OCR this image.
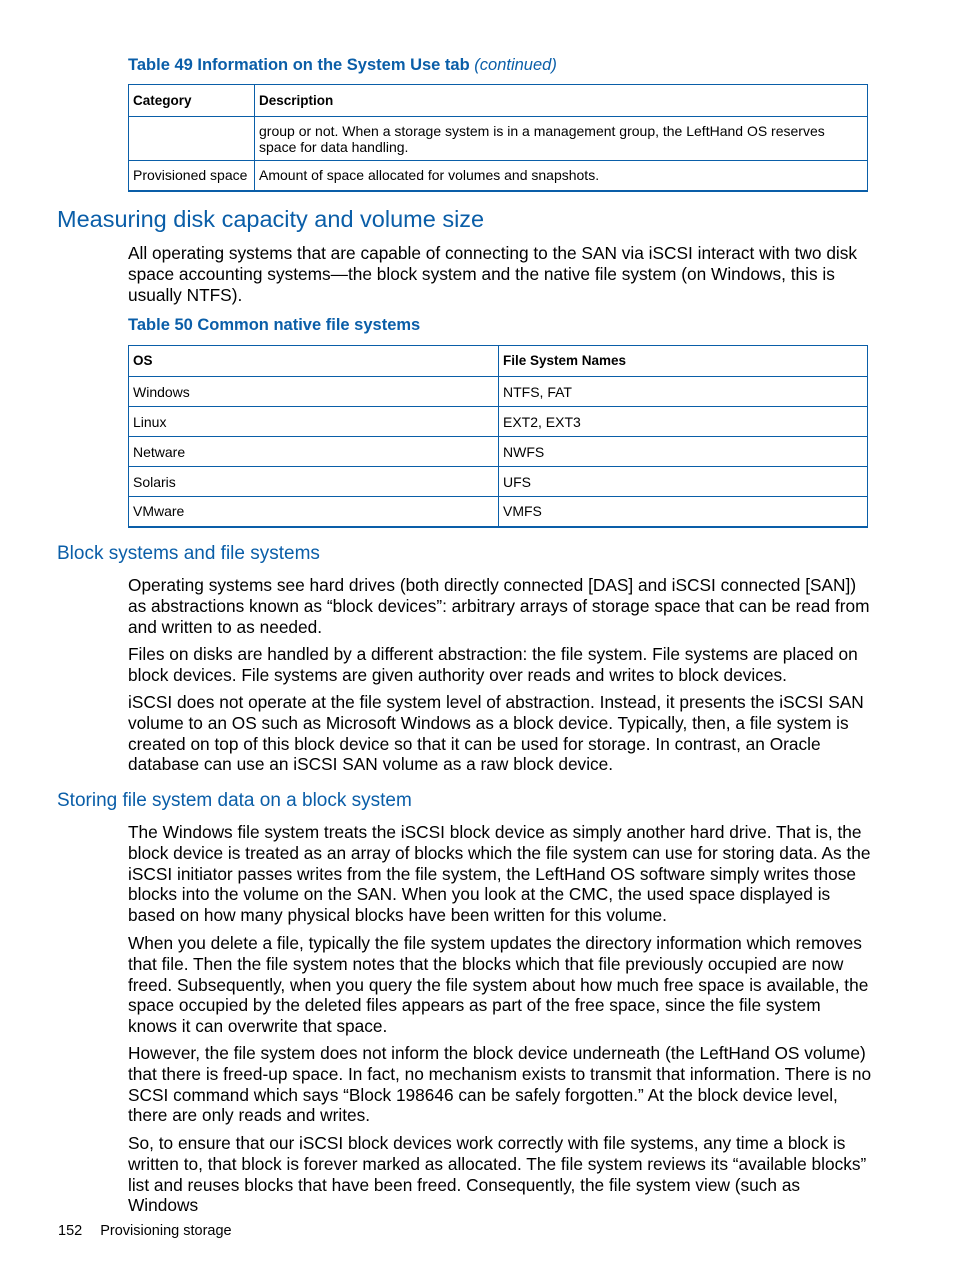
Table 49 Information on the System Use tab (continued)

Category	Description
	group or not. When a storage system is in a management group, the LeftHand OS reserves space for data handling.
Provisioned space	Amount of space allocated for volumes and snapshots.
Measuring disk capacity and volume size

All operating systems that are capable of connecting to the SAN via iSCSI interact with two disk space accounting systems—the block system and the native file system (on Windows, this is usually NTFS).

Table 50 Common native file systems

OS	File System Names
Windows	NTFS, FAT
Linux	EXT2, EXT3
Netware	NWFS
Solaris	UFS
VMware	VMFS
Block systems and file systems

Operating systems see hard drives (both directly connected [DAS] and iSCSI connected [SAN]) as abstractions known as “block devices”: arbitrary arrays of storage space that can be read from and written to as needed.

Files on disks are handled by a different abstraction: the file system. File systems are placed on block devices. File systems are given authority over reads and writes to block devices.

iSCSI does not operate at the file system level of abstraction. Instead, it presents the iSCSI SAN volume to an OS such as Microsoft Windows as a block device. Typically, then, a file system is created on top of this block device so that it can be used for storage. In contrast, an Oracle database can use an iSCSI SAN volume as a raw block device.

Storing file system data on a block system

The Windows file system treats the iSCSI block device as simply another hard drive. That is, the block device is treated as an array of blocks which the file system can use for storing data. As the iSCSI initiator passes writes from the file system, the LeftHand OS software simply writes those blocks into the volume on the SAN. When you look at the CMC, the used space displayed is based on how many physical blocks have been written for this volume.

When you delete a file, typically the file system updates the directory information which removes that file. Then the file system notes that the blocks which that file previously occupied are now freed. Subsequently, when you query the file system about how much free space is available, the space occupied by the deleted files appears as part of the free space, since the file system knows it can overwrite that space.

However, the file system does not inform the block device underneath (the LeftHand OS volume) that there is freed-up space. In fact, no mechanism exists to transmit that information. There is no SCSI command which says “Block 198646 can be safely forgotten.” At the block device level, there are only reads and writes.

So, to ensure that our iSCSI block devices work correctly with file systems, any time a block is written to, that block is forever marked as allocated. The file system reviews its “available blocks” list and reuses blocks that have been freed. Consequently, the file system view (such as Windows

152 Provisioning storage
